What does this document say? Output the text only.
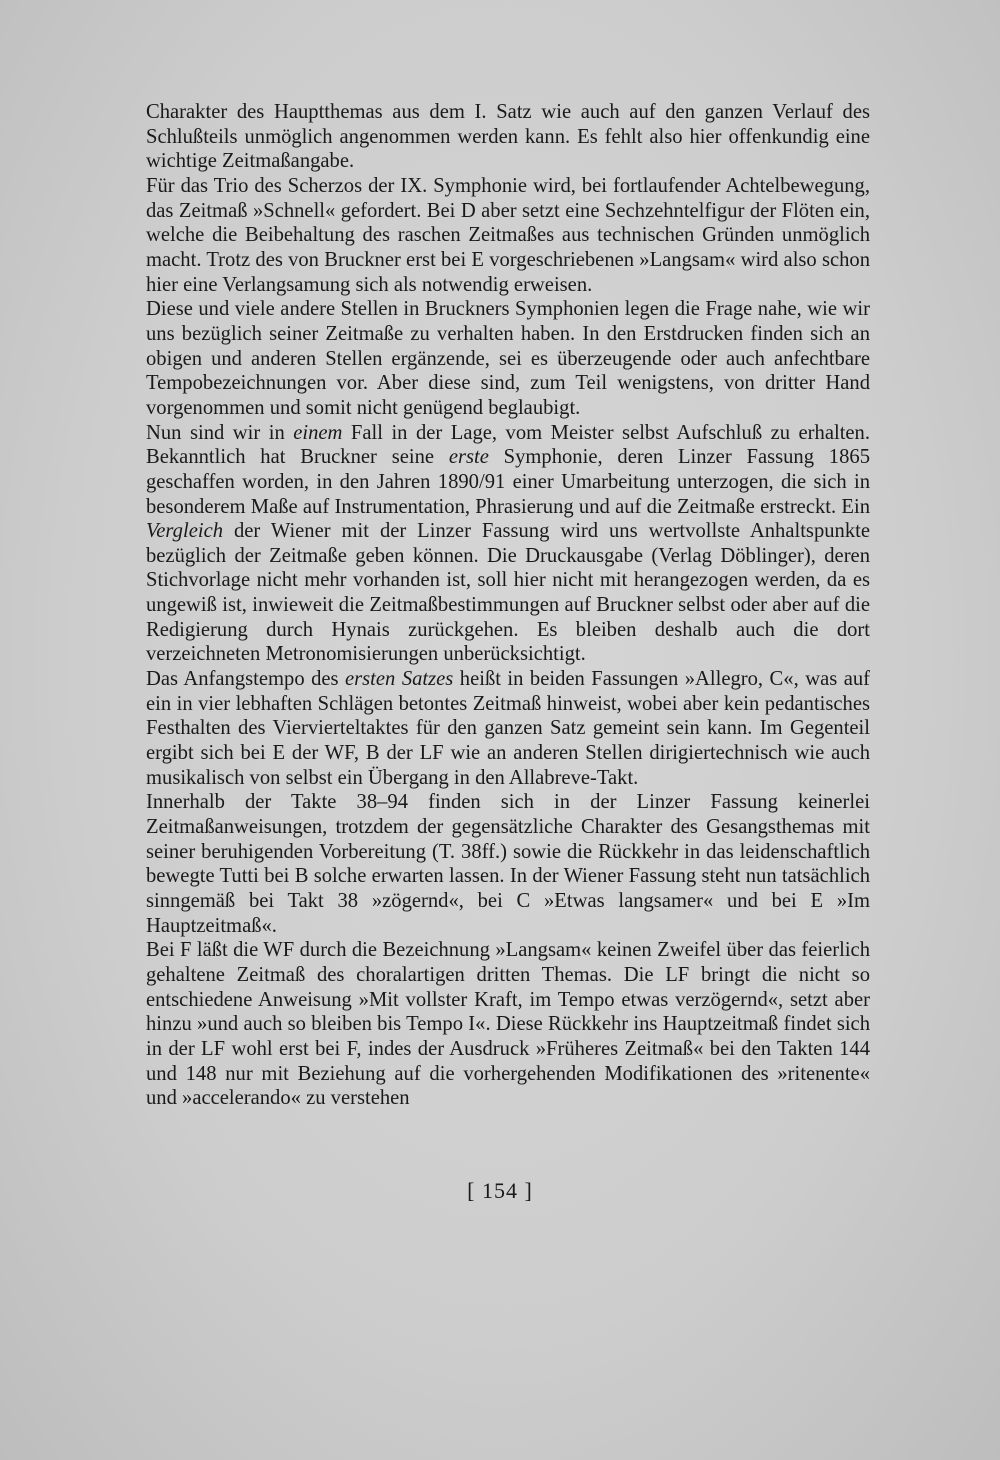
Charakter des Hauptthemas aus dem I. Satz wie auch auf den ganzen Verlauf des Schlußteils unmöglich angenommen werden kann. Es fehlt also hier offenkundig eine wichtige Zeitmaßangabe.

Für das Trio des Scherzos der IX. Symphonie wird, bei fortlaufender Achtelbewegung, das Zeitmaß »Schnell« gefordert. Bei D aber setzt eine Sechzehntelfigur der Flöten ein, welche die Beibehaltung des raschen Zeitmaßes aus technischen Gründen unmöglich macht. Trotz des von Bruckner erst bei E vorgeschriebenen »Langsam« wird also schon hier eine Verlangsamung sich als notwendig erweisen.

Diese und viele andere Stellen in Bruckners Symphonien legen die Frage nahe, wie wir uns bezüglich seiner Zeitmaße zu verhalten haben. In den Erstdrucken finden sich an obigen und anderen Stellen ergänzende, sei es überzeugende oder auch anfechtbare Tempobezeichnungen vor. Aber diese sind, zum Teil wenigstens, von dritter Hand vorgenommen und somit nicht genügend beglaubigt.

Nun sind wir in einem Fall in der Lage, vom Meister selbst Aufschluß zu erhalten. Bekanntlich hat Bruckner seine erste Symphonie, deren Linzer Fassung 1865 geschaffen worden, in den Jahren 1890/91 einer Umarbeitung unterzogen, die sich in besonderem Maße auf Instrumentation, Phrasierung und auf die Zeitmaße erstreckt. Ein Vergleich der Wiener mit der Linzer Fassung wird uns wertvollste Anhaltspunkte bezüglich der Zeitmaße geben können. Die Druckausgabe (Verlag Döblinger), deren Stichvorlage nicht mehr vorhanden ist, soll hier nicht mit herangezogen werden, da es ungewiß ist, inwieweit die Zeitmaßbestimmungen auf Bruckner selbst oder aber auf die Redigierung durch Hynais zurückgehen. Es bleiben deshalb auch die dort verzeichneten Metronomisierungen unberücksichtigt.

Das Anfangstempo des ersten Satzes heißt in beiden Fassungen »Allegro, C«, was auf ein in vier lebhaften Schlägen betontes Zeitmaß hinweist, wobei aber kein pedantisches Festhalten des Viervierteltaktes für den ganzen Satz gemeint sein kann. Im Gegenteil ergibt sich bei E der WF, B der LF wie an anderen Stellen dirigiertechnisch wie auch musikalisch von selbst ein Übergang in den Allabreve-Takt.

Innerhalb der Takte 38–94 finden sich in der Linzer Fassung keinerlei Zeitmaßanweisungen, trotzdem der gegensätzliche Charakter des Gesangsthemas mit seiner beruhigenden Vorbereitung (T. 38ff.) sowie die Rückkehr in das leidenschaftlich bewegte Tutti bei B solche erwarten lassen. In der Wiener Fassung steht nun tatsächlich sinngemäß bei Takt 38 »zögernd«, bei C »Etwas langsamer« und bei E »Im Hauptzeitmaß«.

Bei F läßt die WF durch die Bezeichnung »Langsam« keinen Zweifel über das feierlich gehaltene Zeitmaß des choralartigen dritten Themas. Die LF bringt die nicht so entschiedene Anweisung »Mit vollster Kraft, im Tempo etwas verzögernd«, setzt aber hinzu »und auch so bleiben bis Tempo I«. Diese Rückkehr ins Hauptzeitmaß findet sich in der LF wohl erst bei F, indes der Ausdruck »Früheres Zeitmaß« bei den Takten 144 und 148 nur mit Beziehung auf die vorhergehenden Modifikationen des »ritenente« und »accelerando« zu verstehen

[ 154 ]
